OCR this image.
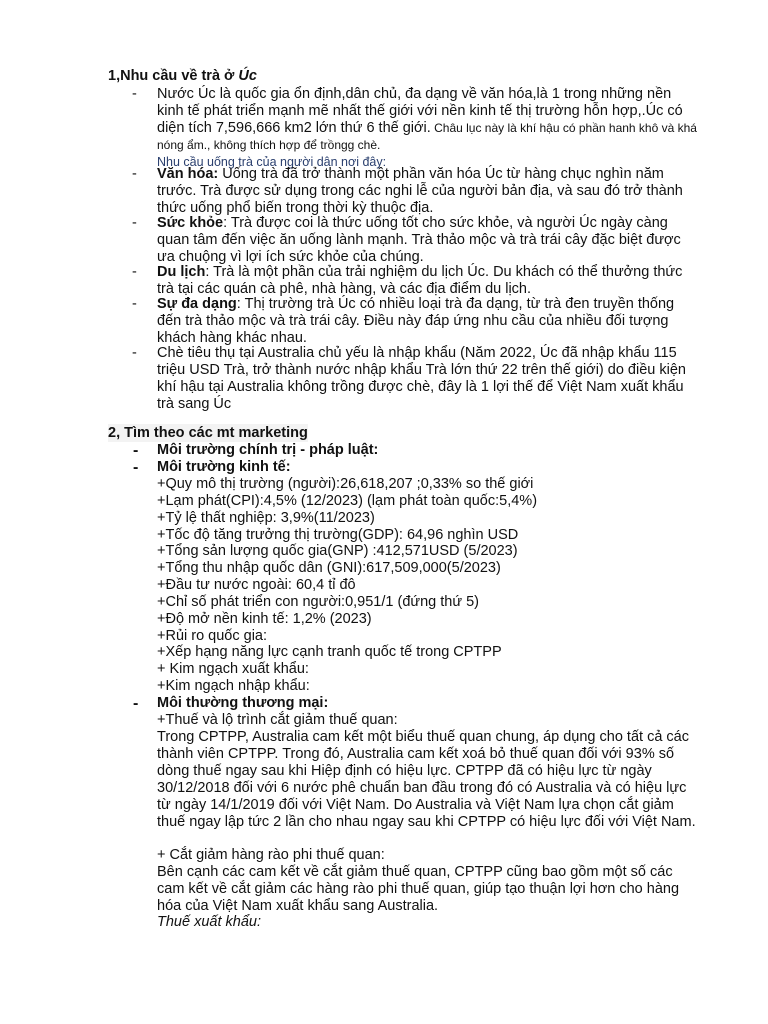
1,Nhu cầu về trà ở Úc
- Nước Úc là quốc gia ổn định,dân chủ, đa dạng về văn hóa,là 1 trong những nền kinh tế phát triển mạnh mẽ nhất thế giới với nền kinh tế thị trường hỗn hợp,.Úc có diện tích 7,596,666 km2 lớn thứ 6 thế giới. Châu lục này là khí hậu có phần hanh khô và khá nóng ẩm., không thích hợp để trồngg chè.
Nhu cầu uống trà của người dân nơi đây:
- Văn hóa: Uống trà đã trở thành một phần văn hóa Úc từ hàng chục nghìn năm trước. Trà được sử dụng trong các nghi lễ của người bản địa, và sau đó trở thành thức uống phổ biến trong thời kỳ thuộc địa.
- Sức khỏe: Trà được coi là thức uống tốt cho sức khỏe, và người Úc ngày càng quan tâm đến việc ăn uống lành mạnh. Trà thảo mộc và trà trái cây đặc biệt được ưa chuộng vì lợi ích sức khỏe của chúng.
- Du lịch: Trà là một phần của trải nghiệm du lịch Úc. Du khách có thể thưởng thức trà tại các quán cà phê, nhà hàng, và các địa điểm du lịch.
- Sự đa dạng: Thị trường trà Úc có nhiều loại trà đa dạng, từ trà đen truyền thống đến trà thảo mộc và trà trái cây. Điều này đáp ứng nhu cầu của nhiều đối tượng khách hàng khác nhau.
- Chè tiêu thụ tại Australia chủ yếu là nhập khẩu (Năm 2022, Úc đã nhập khẩu 115 triệu USD Trà, trở thành nước nhập khẩu Trà lớn thứ 22 trên thế giới) do điều kiện khí hậu tại Australia không trồng được chè, đây là 1 lợi thế để Việt Nam xuất khẩu trà sang Úc
2, Tìm theo các mt marketing
- Môi trường chính trị - pháp luật:
- Môi trường kinh tế:
+Quy mô thị trường (người):26,618,207 ;0,33% so thế giới
+Lạm phát(CPI):4,5% (12/2023) (lạm phát toàn quốc:5,4%)
+Tỷ lệ thất nghiệp: 3,9%(11/2023)
+Tốc độ tăng trưởng thị trường(GDP): 64,96 nghìn USD
+Tổng sản lượng quốc gia(GNP) :412,571USD (5/2023)
+Tổng thu nhập quốc dân (GNI):617,509,000(5/2023)
+Đầu tư nước ngoài: 60,4 tỉ đô
+Chỉ số phát triển con người:0,951/1 (đứng thứ 5)
+Độ mở nền kinh tế: 1,2% (2023)
+Rủi ro quốc gia:
+Xếp hạng năng lực cạnh tranh quốc tế trong CPTPP
+ Kim ngạch xuất khẩu:
+Kim ngạch nhập khẩu:
- Môi thường thương mại:
+Thuế và lộ trình cắt giảm thuế quan:
Trong CPTPP, Australia cam kết một biểu thuế quan chung, áp dụng cho tất cả các thành viên CPTPP. Trong đó, Australia cam kết xoá bỏ thuế quan đối với 93% số dòng thuế ngay sau khi Hiệp định có hiệu lực. CPTPP đã có hiệu lực từ ngày 30/12/2018 đối với 6 nước phê chuẩn ban đầu trong đó có Australia và có hiệu lực từ ngày 14/1/2019 đối với Việt Nam. Do Australia và Việt Nam lựa chọn cắt giảm thuế ngay lập tức 2 lần cho nhau ngay sau khi CPTPP có hiệu lực đối với Việt Nam.
+ Cắt giảm hàng rào phi thuế quan:
Bên cạnh các cam kết về cắt giảm thuế quan, CPTPP cũng bao gồm một số các cam kết về cắt giảm các hàng rào phi thuế quan, giúp tạo thuận lợi hơn cho hàng hóa của Việt Nam xuất khẩu sang Australia.
Thuế xuất khẩu:
